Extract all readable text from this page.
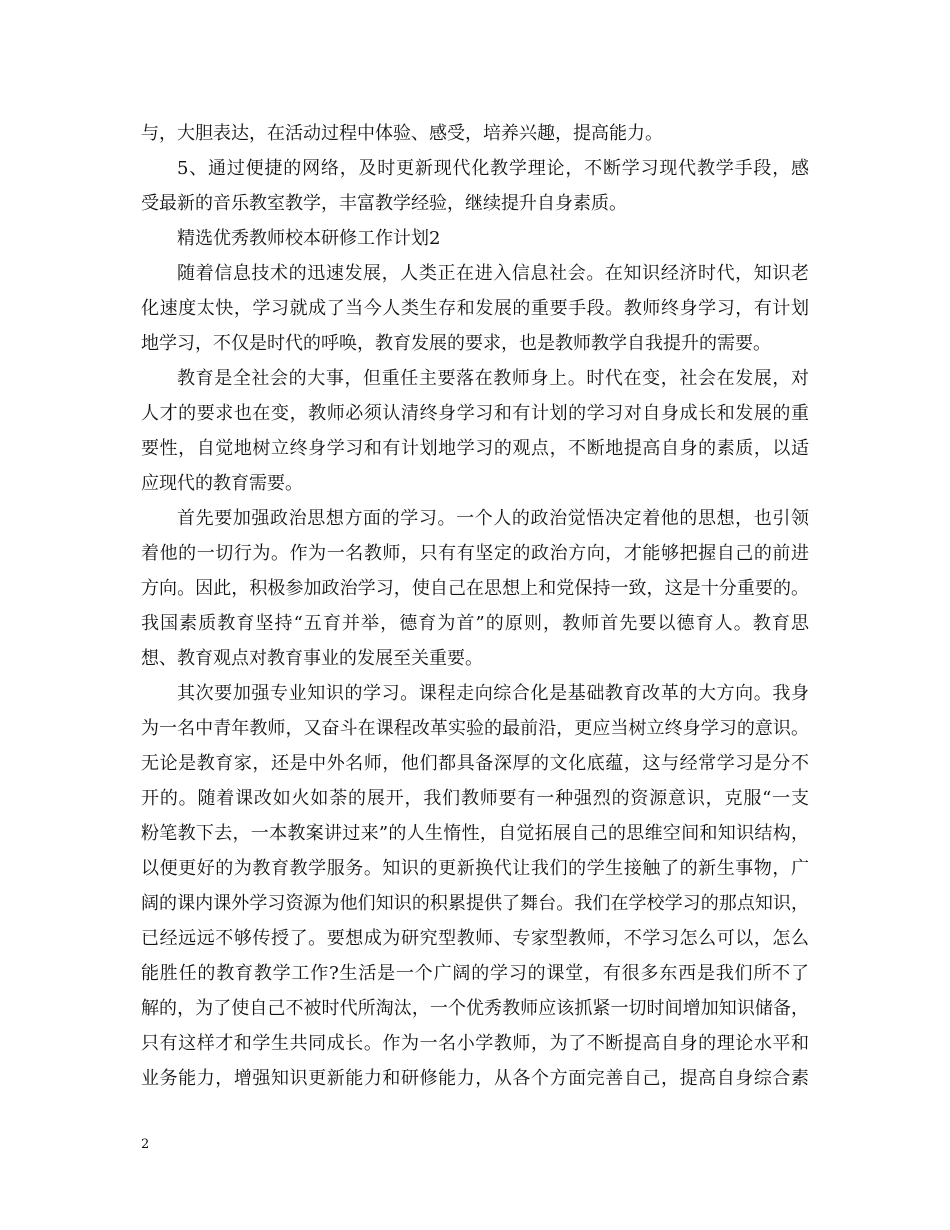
与，大胆表达，在活动过程中体验、感受，培养兴趣，提高能力。

5、通过便捷的网络，及时更新现代化教学理论，不断学习现代教学手段，感

受最新的音乐教室教学，丰富教学经验，继续提升自身素质。

精选优秀教师校本研修工作计划2

随着信息技术的迅速发展，人类正在进入信息社会。在知识经济时代，知识老

化速度太快，学习就成了当今人类生存和发展的重要手段。教师终身学习，有计划

地学习，不仅是时代的呼唤，教育发展的要求，也是教师教学自我提升的需要。

教育是全社会的大事，但重任主要落在教师身上。时代在变，社会在发展，对

人才的要求也在变，教师必须认清终身学习和有计划的学习对自身成长和发展的重

要性，自觉地树立终身学习和有计划地学习的观点，不断地提高自身的素质，以适

应现代的教育需要。

首先要加强政治思想方面的学习。一个人的政治觉悟决定着他的思想，也引领

着他的一切行为。作为一名教师，只有有坚定的政治方向，才能够把握自己的前进

方向。因此，积极参加政治学习，使自己在思想上和党保持一致，这是十分重要的。

我国素质教育坚持“五育并举，德育为首”的原则，教师首先要以德育人。教育思

想、教育观点对教育事业的发展至关重要。

其次要加强专业知识的学习。课程走向综合化是基础教育改革的大方向。我身

为一名中青年教师，又奋斗在课程改革实验的最前沿，更应当树立终身学习的意识。

无论是教育家，还是中外名师，他们都具备深厚的文化底蕴，这与经常学习是分不

开的。随着课改如火如荼的展开，我们教师要有一种强烈的资源意识，克服“一支

粉笔教下去，一本教案讲过来”的人生惰性，自觉拓展自己的思维空间和知识结构，

以便更好的为教育教学服务。知识的更新换代让我们的学生接触了的新生事物，广

阔的课内课外学习资源为他们知识的积累提供了舞台。我们在学校学习的那点知识，

已经远远不够传授了。要想成为研究型教师、专家型教师，不学习怎么可以，怎么

能胜任的教育教学工作?生活是一个广阔的学习的课堂，有很多东西是我们所不了

解的，为了使自己不被时代所淘汰，一个优秀教师应该抓紧一切时间增加知识储备，

只有这样才和学生共同成长。作为一名小学教师，为了不断提高自身的理论水平和

业务能力，增强知识更新能力和研修能力，从各个方面完善自己，提高自身综合素

2
